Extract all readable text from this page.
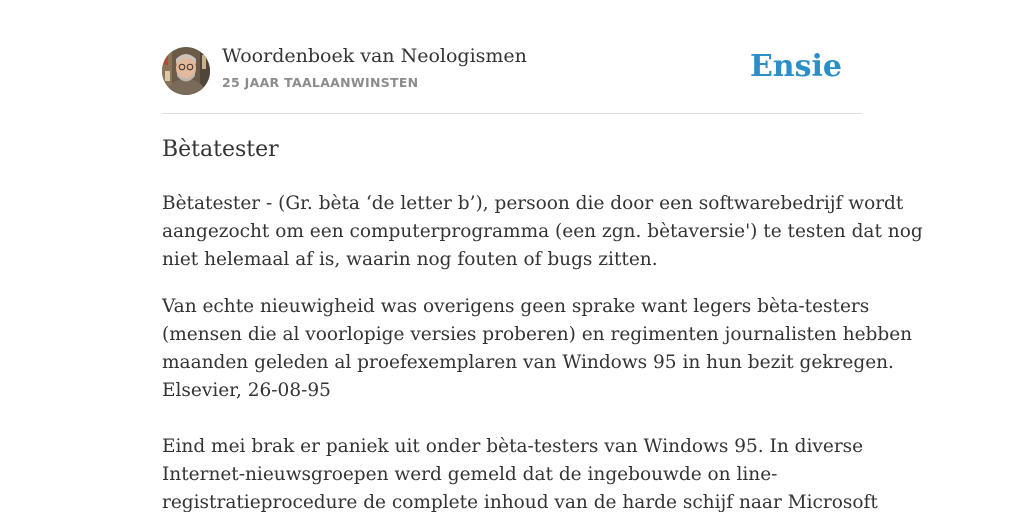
Woordenboek van Neologismen
25 JAAR TAALAANWINSTEN	Ensie
Bètatester

Bètatester - (Gr. bèta ‘de letter b’), persoon die door een softwarebedrijf wordt
aangezocht om een computerprogramma (een zgn. bètaversie') te testen dat nog
niet helemaal af is, waarin nog fouten of bugs zitten.

Van echte nieuwigheid was overigens geen sprake want legers bèta-testers
(mensen die al voorlopige versies proberen) en regimenten journalisten hebben
maanden geleden al proefexemplaren van Windows 95 in hun bezit gekregen.
Elsevier, 26-08-95

Eind mei brak er paniek uit onder bèta-testers van Windows 95. In diverse
Internet-nieuwsgroepen werd gemeld dat de ingebouwde on line-
registratieprocedure de complete inhoud van de harde schijf naar Microsoft
